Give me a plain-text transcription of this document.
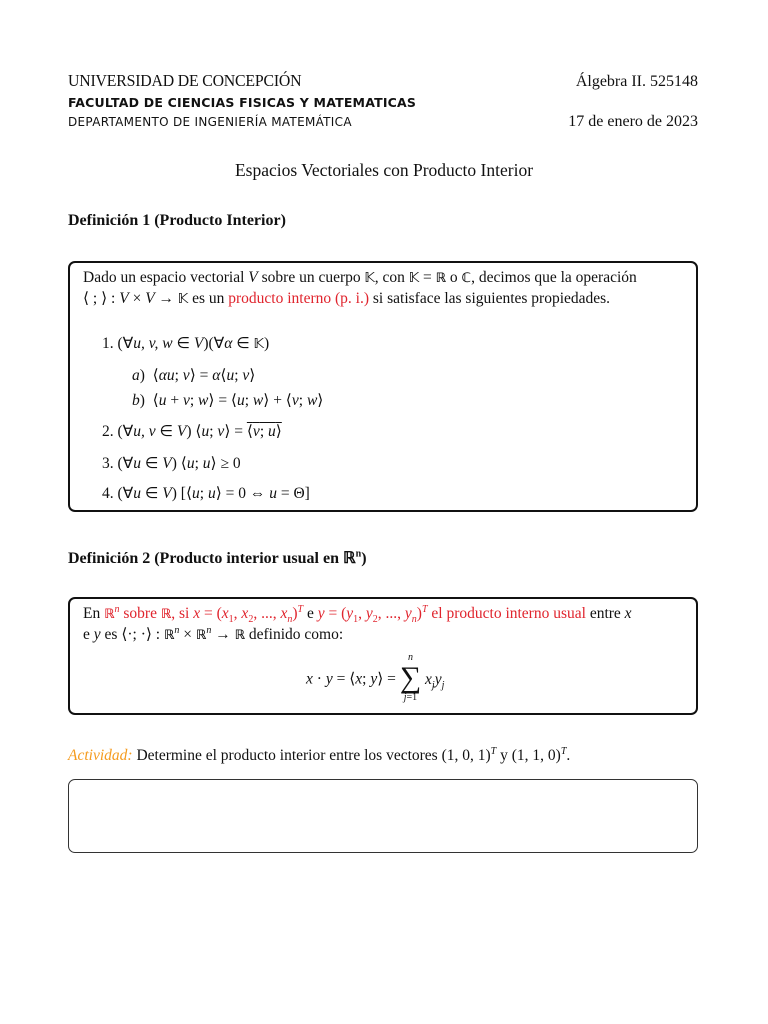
UNIVERSIDAD DE CONCEPCIÓN
FACULTAD DE CIENCIAS FISICAS Y MATEMATICAS
DEPARTAMENTO DE INGENIERÍA MATEMÁTICA
Álgebra II. 525148
17 de enero de 2023
Espacios Vectoriales con Producto Interior
Definición 1 (Producto Interior)
Dado un espacio vectorial V sobre un cuerpo 𝕂, con 𝕂 = ℝ o ℂ, decimos que la operación
⟨ ; ⟩ : V × V → 𝕂 es un producto interno (p. i.) si satisface las siguientes propiedades.
1. (∀u, v, w ∈ V)(∀α ∈ 𝕂)
a)  ⟨αu; v⟩ = α⟨u; v⟩
b)  ⟨u + v; w⟩ = ⟨u; w⟩ + ⟨v; w⟩
2. (∀u, v ∈ V) ⟨u; v⟩ = ⟨v; u⟩
3. (∀u ∈ V) ⟨u; u⟩ ≥ 0
4. (∀u ∈ V) [⟨u; u⟩ = 0 ⇔ u = Θ]
Definición 2 (Producto interior usual en ℝ$^n$)
En ℝ$^n$ sobre ℝ, si $x = (x_1$, $x_2$, ..., $x_n)^T$ e $y = (y_1$, $y_2$, ..., $y_n)^T$ el producto interno usual entre x
e y es ⟨·; ·⟩ : ℝ$^n$ × ℝ$^n$ → ℝ definido como:
x · y = ⟨x; y⟩ =
n
∑
j=1
$x_jy_j$
Actividad: Determine el producto interior entre los vectores (1, 0, 1)$^T$ y (1, 1, 0)$^T$.
